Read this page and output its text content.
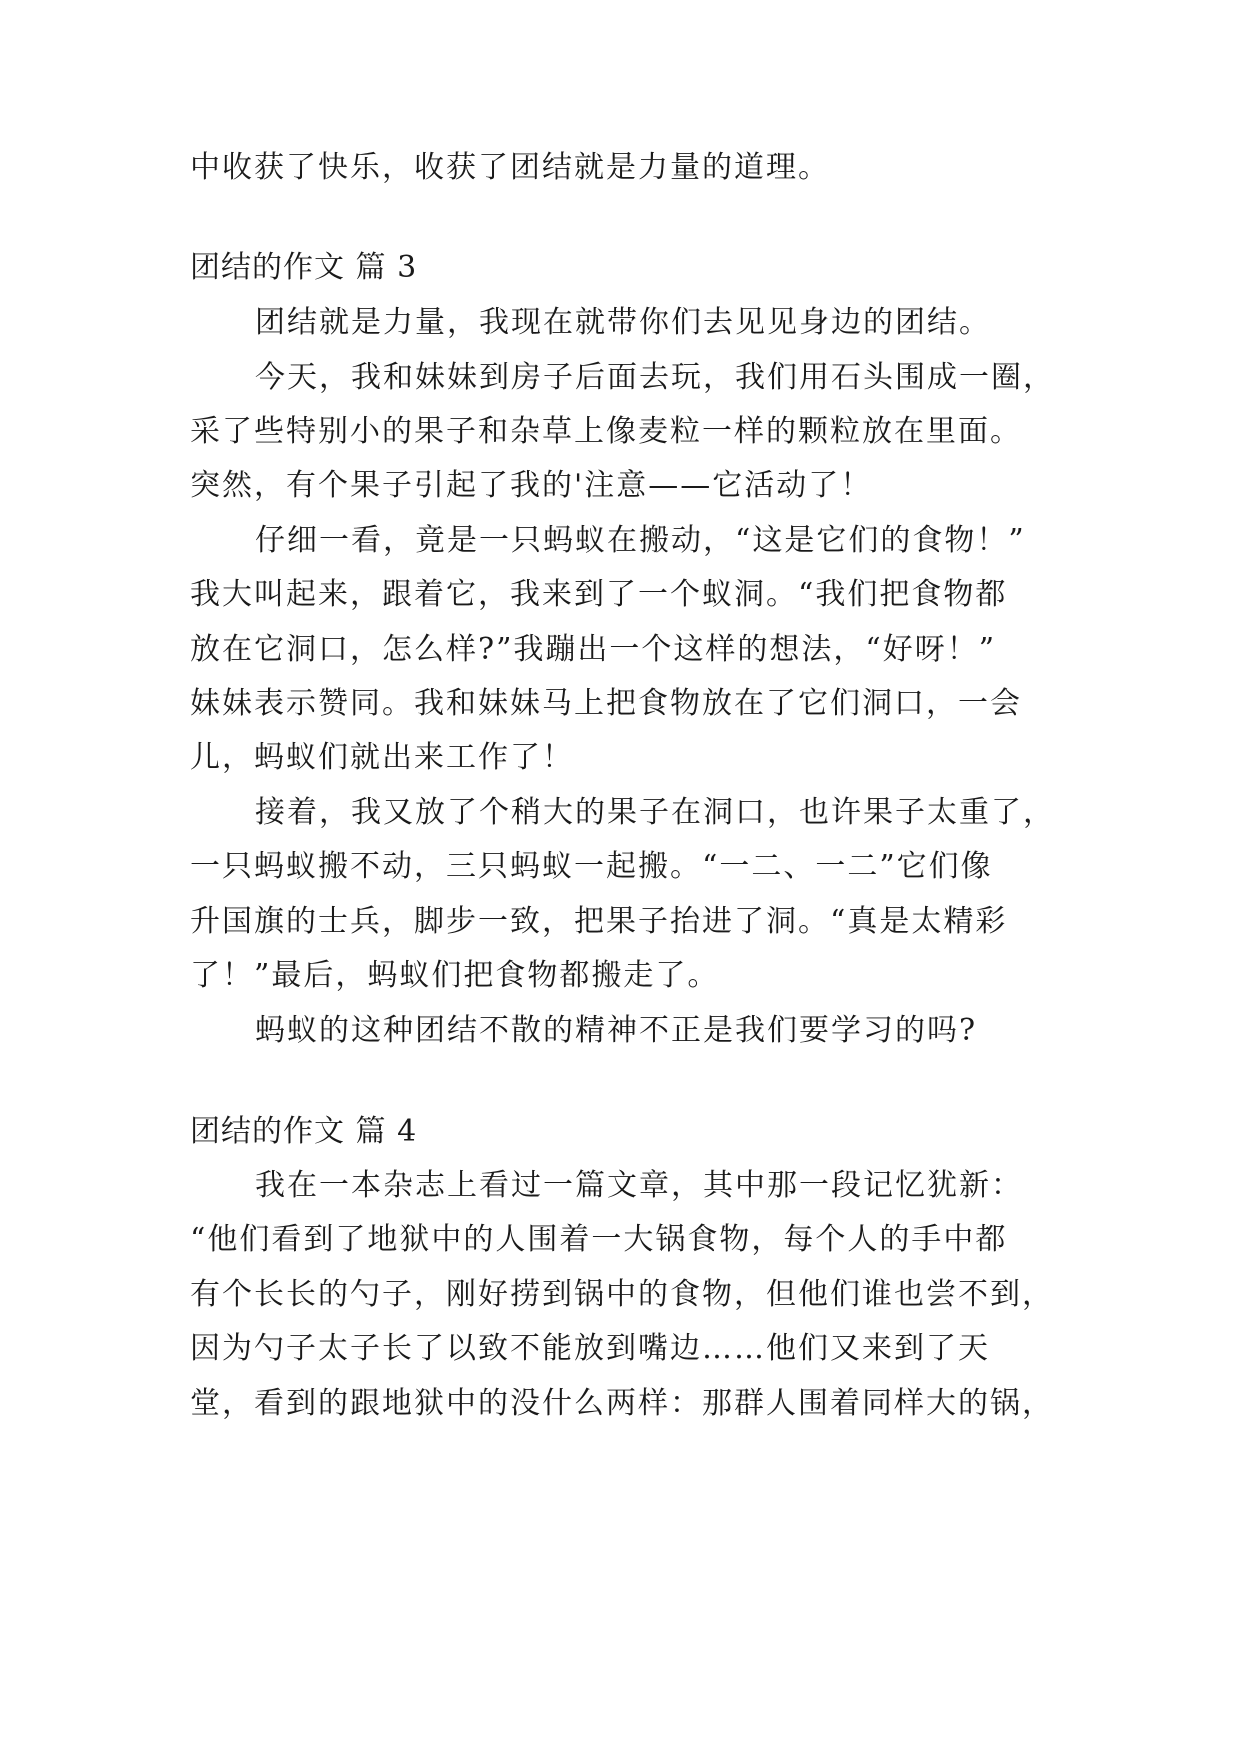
中收获了快乐，收获了团结就是力量的道理。
团结的作文 篇 3
团结就是力量，我现在就带你们去见见身边的团结。
今天，我和妹妹到房子后面去玩，我们用石头围成一圈，
采了些特别小的果子和杂草上像麦粒一样的颗粒放在里面。
突然，有个果子引起了我的'注意——它活动了！
仔细一看，竟是一只蚂蚁在搬动，“这是它们的食物！”
我大叫起来，跟着它，我来到了一个蚁洞。“我们把食物都
放在它洞口，怎么样?”我蹦出一个这样的想法，“好呀！”
妹妹表示赞同。我和妹妹马上把食物放在了它们洞口，一会
儿，蚂蚁们就出来工作了！
接着，我又放了个稍大的果子在洞口，也许果子太重了，
一只蚂蚁搬不动，三只蚂蚁一起搬。“一二、一二”它们像
升国旗的士兵，脚步一致，把果子抬进了洞。“真是太精彩
了！”最后，蚂蚁们把食物都搬走了。
蚂蚁的这种团结不散的精神不正是我们要学习的吗?
团结的作文 篇 4
我在一本杂志上看过一篇文章，其中那一段记忆犹新：
“他们看到了地狱中的人围着一大锅食物，每个人的手中都
有个长长的勺子，刚好捞到锅中的食物，但他们谁也尝不到，
因为勺子太子长了以致不能放到嘴边……他们又来到了天
堂，看到的跟地狱中的没什么两样：那群人围着同样大的锅，
